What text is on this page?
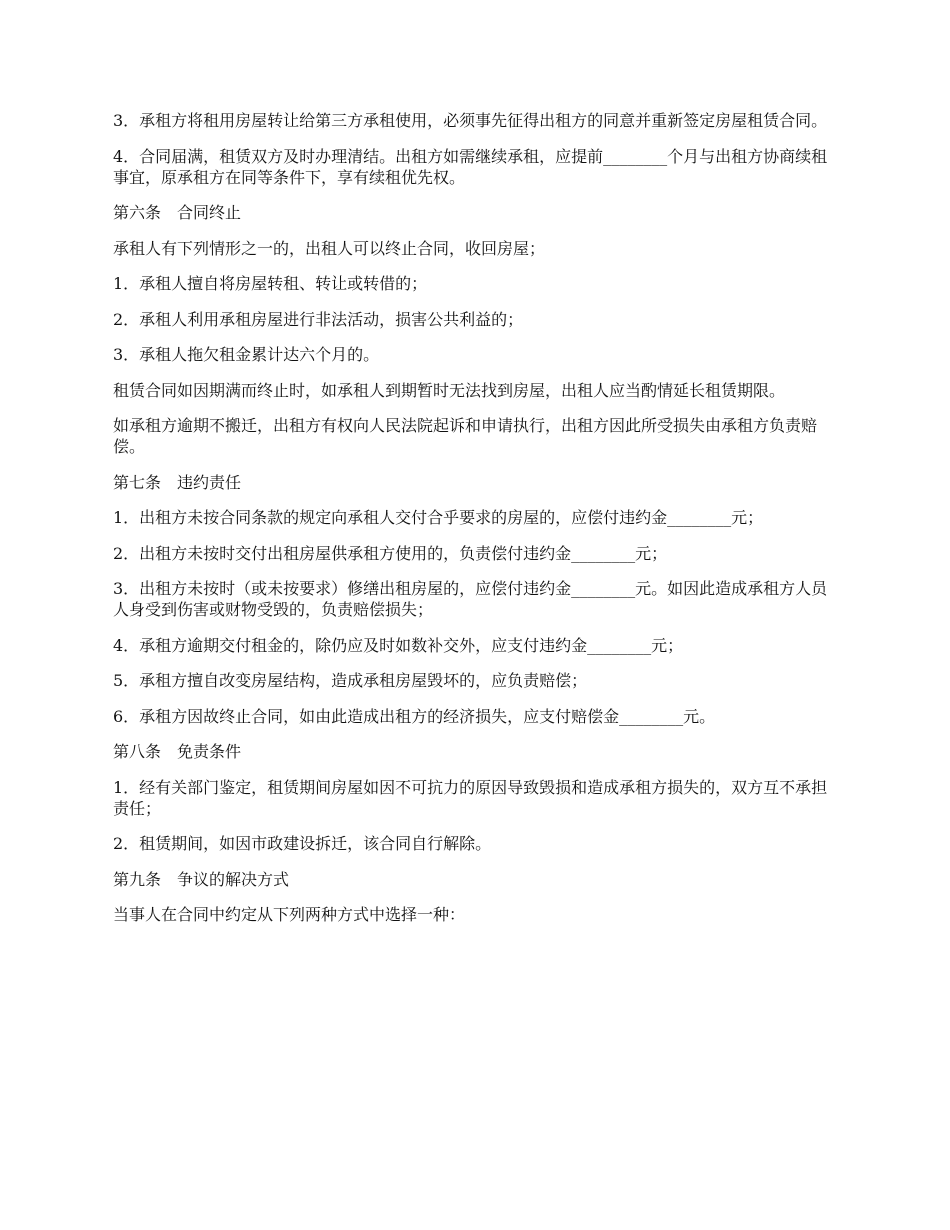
3．承租方将租用房屋转让给第三方承租使用，必须事先征得出租方的同意并重新签定房屋租赁合同。

4．合同届满，租赁双方及时办理清结。出租方如需继续承租，应提前________个月与出租方协商续租事宜，原承租方在同等条件下，享有续租优先权。

第六条　合同终止

承租人有下列情形之一的，出租人可以终止合同，收回房屋；

1．承租人擅自将房屋转租、转让或转借的；

2．承租人利用承租房屋进行非法活动，损害公共利益的；

3．承租人拖欠租金累计达六个月的。

租赁合同如因期满而终止时，如承租人到期暂时无法找到房屋，出租人应当酌情延长租赁期限。

如承租方逾期不搬迁，出租方有权向人民法院起诉和申请执行，出租方因此所受损失由承租方负责赔偿。

第七条　违约责任

1．出租方未按合同条款的规定向承租人交付合乎要求的房屋的，应偿付违约金________元；

2．出租方未按时交付出租房屋供承租方使用的，负责偿付违约金________元；

3．出租方未按时（或未按要求）修缮出租房屋的，应偿付违约金________元。如因此造成承租方人员人身受到伤害或财物受毁的，负责赔偿损失；

4．承租方逾期交付租金的，除仍应及时如数补交外，应支付违约金________元；

5．承租方擅自改变房屋结构，造成承租房屋毁坏的，应负责赔偿；

6．承租方因故终止合同，如由此造成出租方的经济损失，应支付赔偿金________元。

第八条　免责条件

1．经有关部门鉴定，租赁期间房屋如因不可抗力的原因导致毁损和造成承租方损失的，双方互不承担责任；

2．租赁期间，如因市政建设拆迁，该合同自行解除。

第九条　争议的解决方式

当事人在合同中约定从下列两种方式中选择一种：
